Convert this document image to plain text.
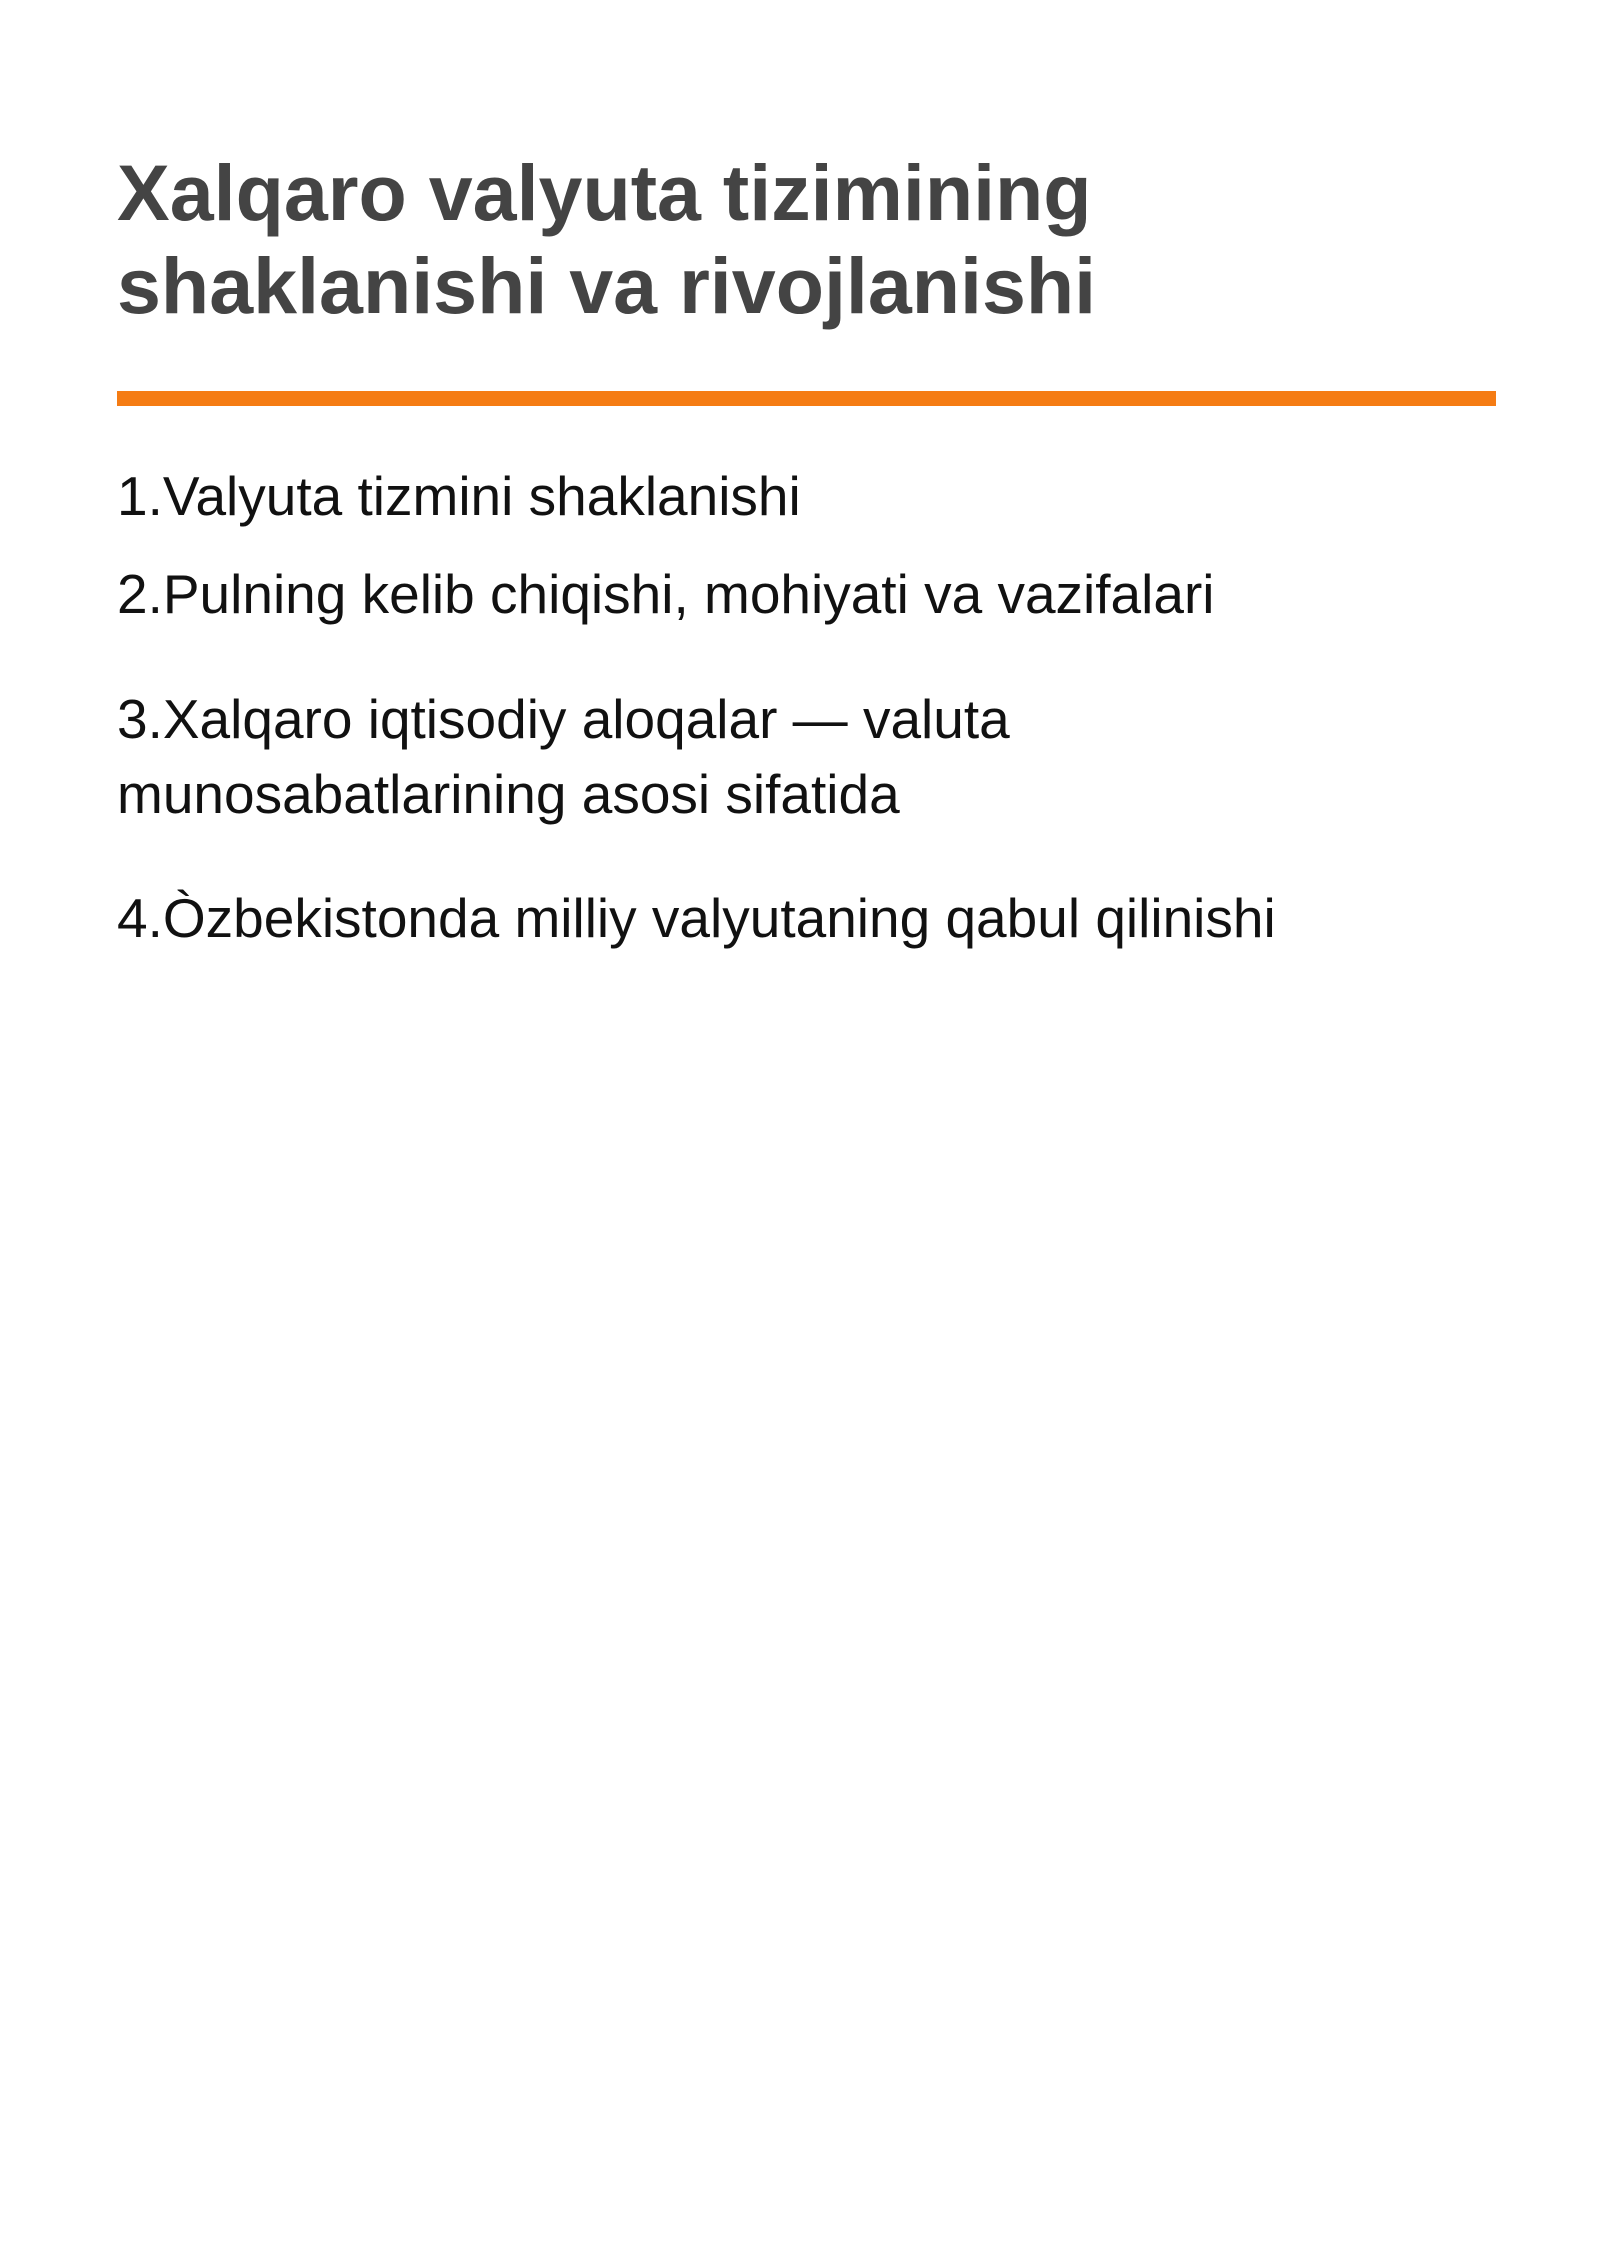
Xalqaro valyuta tizimining
shaklanishi va rivojlanishi
1.Valyuta tizmini shaklanishi
2.Pulning kelib chiqishi, mohiyati va vazifalari
3.Xalqaro iqtisodiy aloqalar — valuta
munosabatlarining asosi sifatida
4.Òzbekistonda milliy valyutaning qabul qilinishi
